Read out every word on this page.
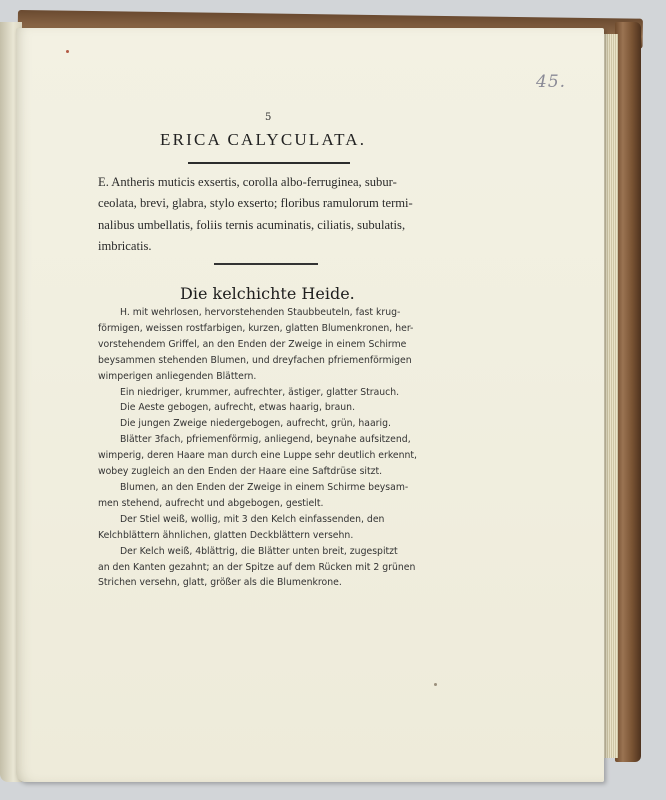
45.
5
ERICA CALYCULATA.

E. Antheris muticis exsertis, corolla albo-ferruginea, subur-
ceolata, brevi, glabra, stylo exserto; floribus ramulorum termi-
nalibus umbellatis, foliis ternis acuminatis, ciliatis, subulatis,
imbricatis.

Die kelchichte Heide.
H. mit wehrlosen, hervorstehenden Staubbeuteln, fast krug-
förmigen, weissen rostfarbigen, kurzen, glatten Blumenkronen, her-
vorstehendem Griffel, an den Enden der Zweige in einem Schirme
beysammen stehenden Blumen, und dreyfachen pfriemenförmigen
wimperigen anliegenden Blättern.
Ein niedriger, krummer, aufrechter, ästiger, glatter Strauch.
Die Aeste gebogen, aufrecht, etwas haarig, braun.
Die jungen Zweige niedergebogen, aufrecht, grün, haarig.
Blätter 3fach, pfriemenförmig, anliegend, beynahe aufsitzend,
wimperig, deren Haare man durch eine Luppe sehr deutlich erkennt,
wobey zugleich an den Enden der Haare eine Saftdrüse sitzt.
Blumen, an den Enden der Zweige in einem Schirme beysam-
men stehend, aufrecht und abgebogen, gestielt.
Der Stiel weiß, wollig, mit 3 den Kelch einfassenden, den
Kelchblättern ähnlichen, glatten Deckblättern versehn.
Der Kelch weiß, 4blättrig, die Blätter unten breit, zugespitzt
an den Kanten gezahnt; an der Spitze auf dem Rücken mit 2 grünen
Strichen versehn, glatt, größer als die Blumenkrone.
